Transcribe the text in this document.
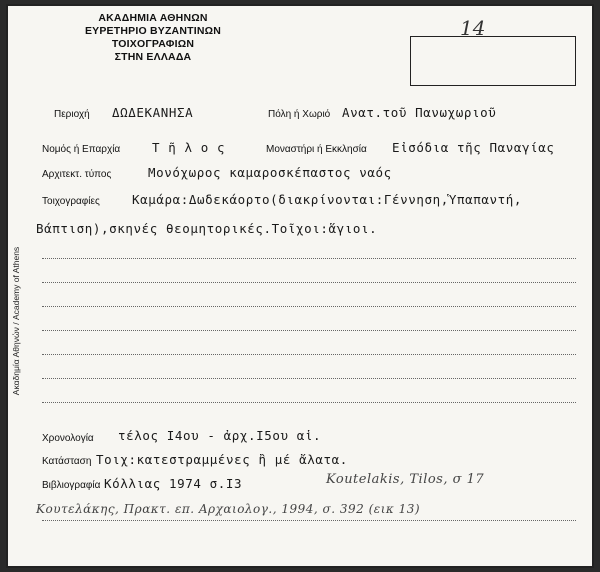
ΑΚΑΔΗΜΙΑ ΑΘΗΝΩΝ
ΕΥΡΕΤΗΡΙΟ ΒΥΖΑΝΤΙΝΩΝ ΤΟΙΧΟΓΡΑΦΙΩΝ
ΣΤΗΝ ΕΛΛΑΔΑ
14
Ακαδημία Αθηνών / Academy of Athens
Περιοχή ΔΩΔΕΚΑΝΗΣΑ	Πόλη ή Χωριό Ανατ.τοῦ Πανωχωριοῦ
Νομός ή Επαρχία	Τ ῆ λ ο ς	Μοναστήρι ή Εκκλησία Εἰσόδια τῆς Παναγίας
Αρχιτεκτ. τύπος	Μονόχωρος καμαροσκέπαστος ναός
Τοιχογραφίες	Καμάρα:Δωδεκάορτο(διακρίνονται:Γέννηση,Ὑπαπαντή,
Βάπτιση),σκηνές θεομητορικές.Τοῖχοι:ἅγιοι.
Χρονολογία τέλος Ι4ου - ἀρχ.Ι5ου αἱ.
Κατάσταση Τοιχ:κατεστραμμένες ἢ μέ ἄλατα.
Βιβλιογραφία Κόλλιας 1974 σ.Ι3	Koutelakis, Tilos, σ 17
Κουτελάκης, Πρακτ. επ. Αρχαιολογ., 1994, σ. 392 (εικ 13)
